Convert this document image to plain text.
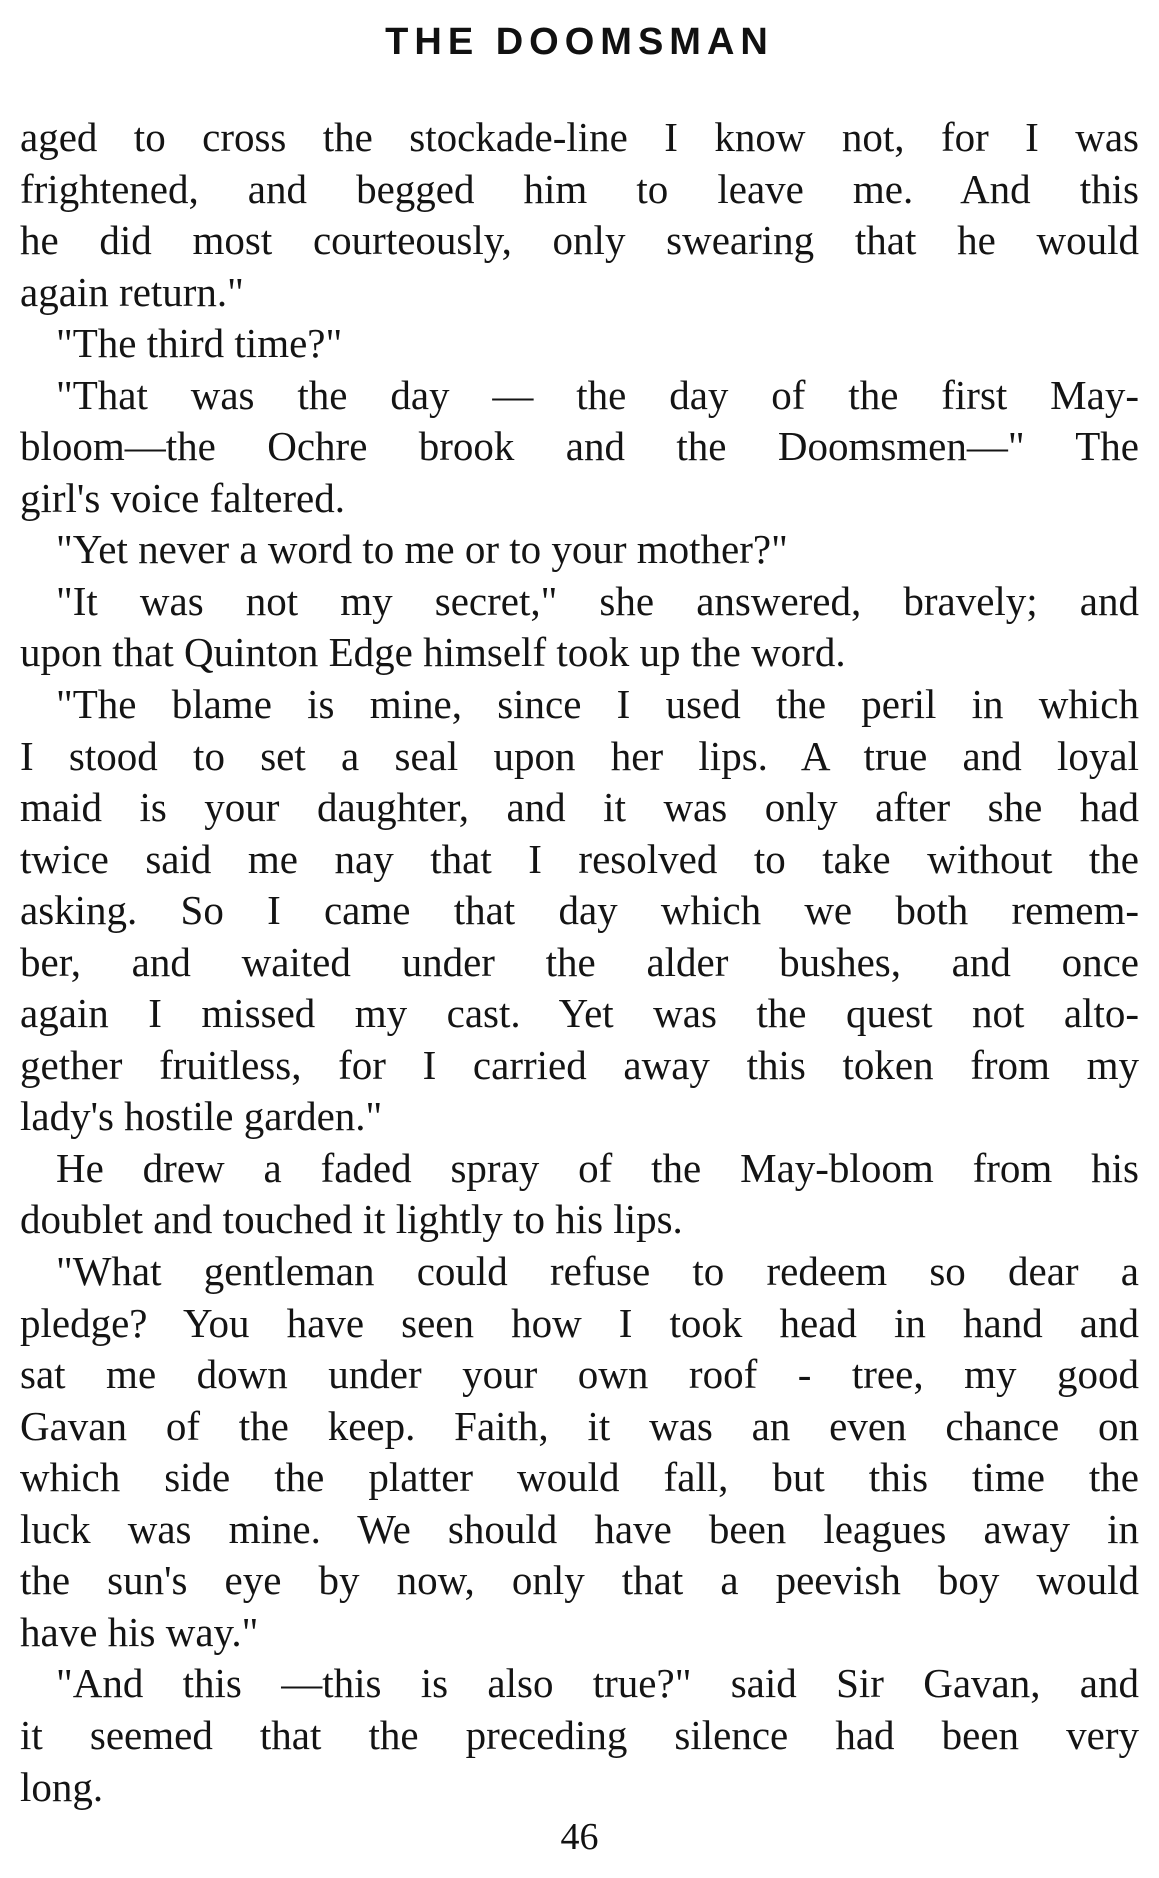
THE DOOMSMAN
aged to cross the stockade-line I know not, for I was
frightened, and begged him to leave me. And this
he did most courteously, only swearing that he would
again return."
"The third time?"
"That was the day — the day of the first May-
bloom—the Ochre brook and the Doomsmen—" The
girl's voice faltered.
"Yet never a word to me or to your mother?"
"It was not my secret," she answered, bravely; and
upon that Quinton Edge himself took up the word.
"The blame is mine, since I used the peril in which
I stood to set a seal upon her lips. A true and loyal
maid is your daughter, and it was only after she had
twice said me nay that I resolved to take without the
asking. So I came that day which we both remem-
ber, and waited under the alder bushes, and once
again I missed my cast. Yet was the quest not alto-
gether fruitless, for I carried away this token from my
lady's hostile garden."
He drew a faded spray of the May-bloom from his
doublet and touched it lightly to his lips.
"What gentleman could refuse to redeem so dear a
pledge? You have seen how I took head in hand and
sat me down under your own roof - tree, my good
Gavan of the keep. Faith, it was an even chance on
which side the platter would fall, but this time the
luck was mine. We should have been leagues away in
the sun's eye by now, only that a peevish boy would
have his way."
"And this —this is also true?" said Sir Gavan, and
it seemed that the preceding silence had been very
long.
46
